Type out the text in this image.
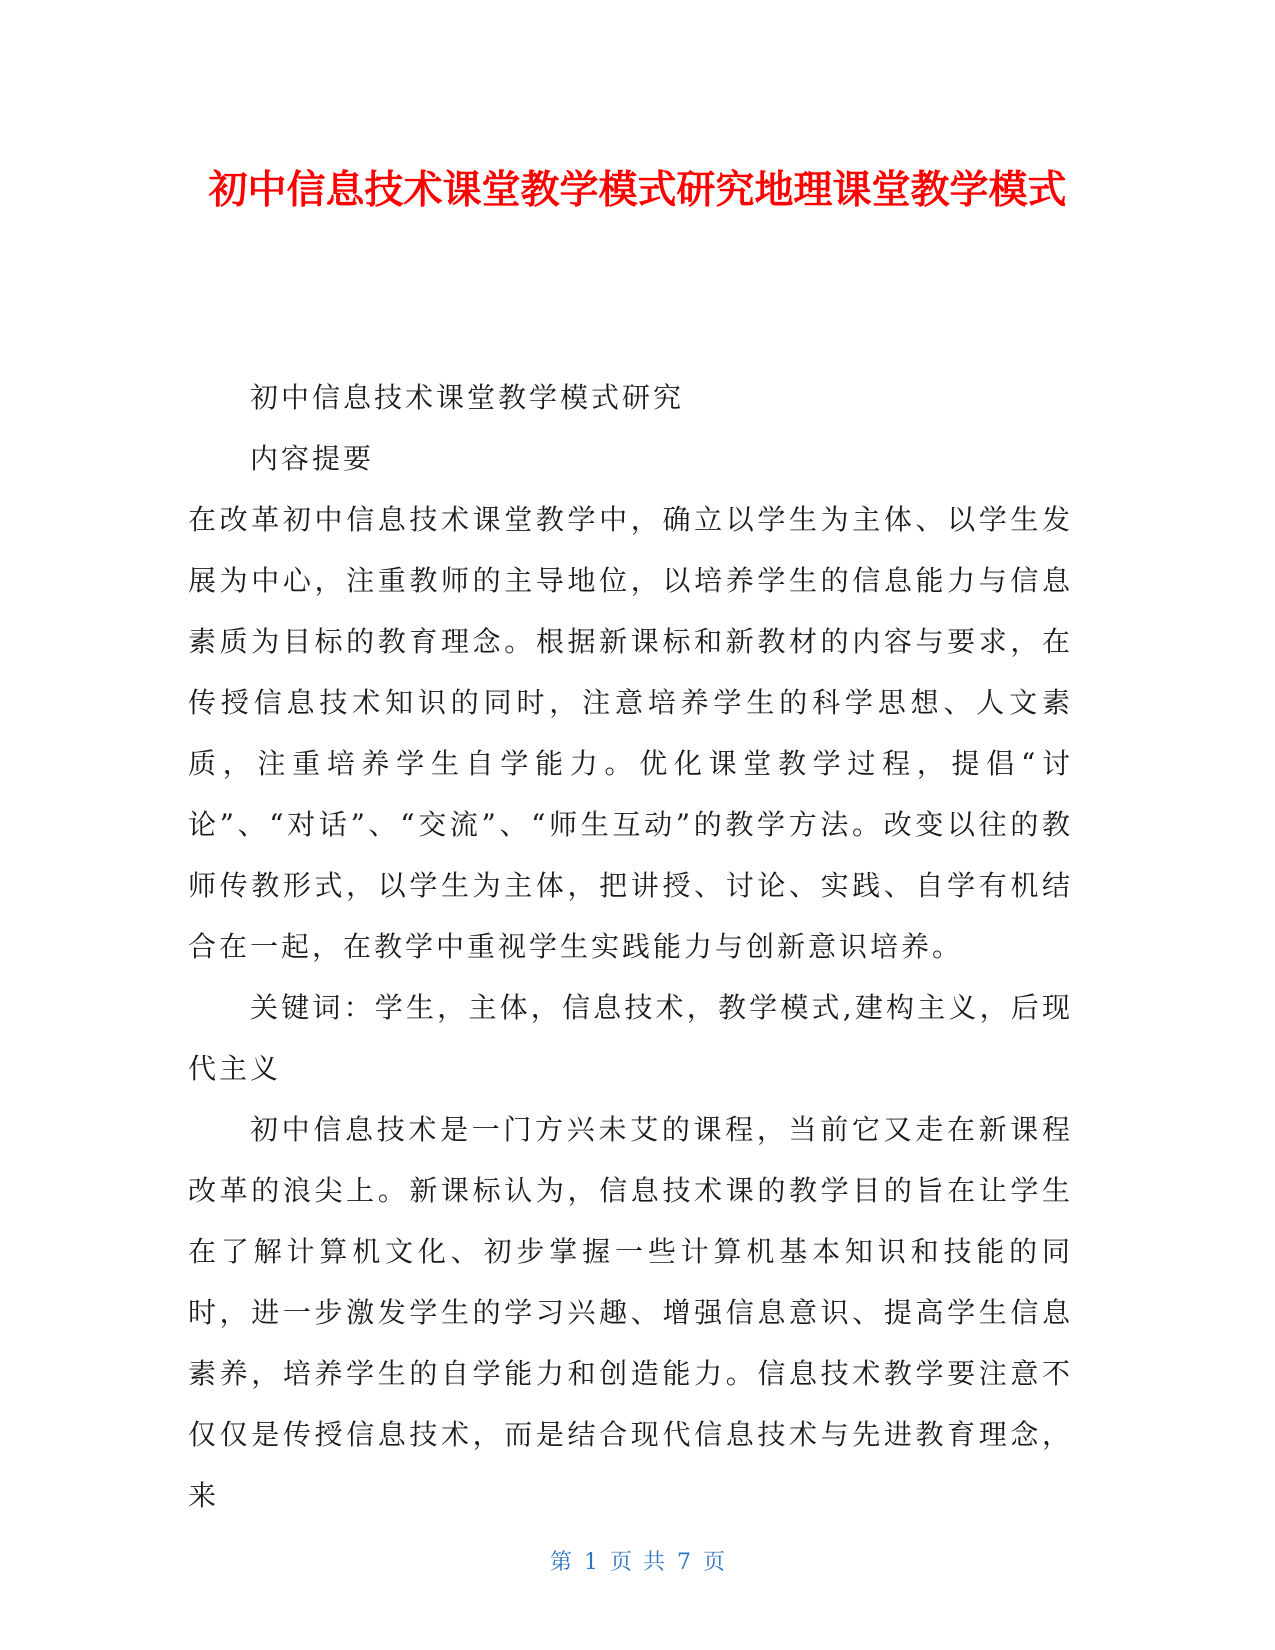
初中信息技术课堂教学模式研究地理课堂教学模式

初中信息技术课堂教学模式研究

内容提要

在改革初中信息技术课堂教学中，确立以学生为主体、以学生发展为中心，注重教师的主导地位，以培养学生的信息能力与信息素质为目标的教育理念。根据新课标和新教材的内容与要求，在传授信息技术知识的同时，注意培养学生的科学思想、人文素质，注重培养学生自学能力。优化课堂教学过程，提倡“讨论”、“对话”、“交流”、“师生互动”的教学方法。改变以往的教师传教形式，以学生为主体，把讲授、讨论、实践、自学有机结合在一起，在教学中重视学生实践能力与创新意识培养。

关键词：学生，主体，信息技术，教学模式,建构主义，后现代主义

初中信息技术是一门方兴未艾的课程，当前它又走在新课程改革的浪尖上。新课标认为，信息技术课的教学目的旨在让学生在了解计算机文化、初步掌握一些计算机基本知识和技能的同时，进一步激发学生的学习兴趣、增强信息意识、提高学生信息素养，培养学生的自学能力和创造能力。信息技术教学要注意不仅仅是传授信息技术，而是结合现代信息技术与先进教育理念，来

第 1 页 共 7 页
